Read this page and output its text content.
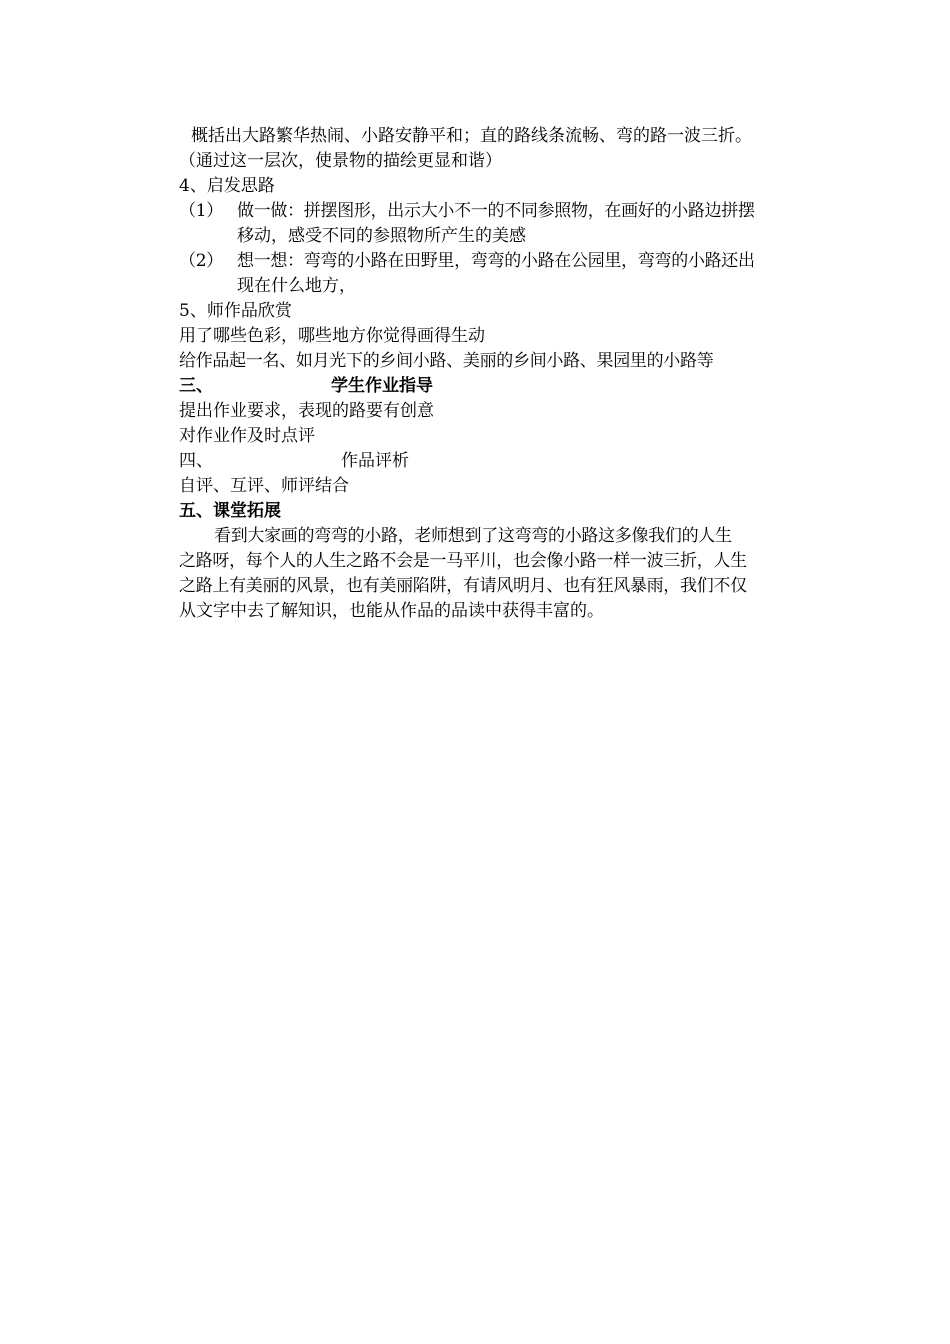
概括出大路繁华热闹、小路安静平和；直的路线条流畅、弯的路一波三折。
（通过这一层次，使景物的描绘更显和谐）
4、启发思路
（1） 做一做：拼摆图形，出示大小不一的不同参照物，在画好的小路边拼摆
移动，感受不同的参照物所产生的美感
（2） 想一想：弯弯的小路在田野里，弯弯的小路在公园里，弯弯的小路还出
现在什么地方，
5、师作品欣赏
用了哪些色彩，哪些地方你觉得画得生动
给作品起一名、如月光下的乡间小路、美丽的乡间小路、果园里的小路等
三、	学生作业指导
提出作业要求，表现的路要有创意
对作业作及时点评
四、	作品评析
自评、互评、师评结合
五、课堂拓展
看到大家画的弯弯的小路，老师想到了这弯弯的小路这多像我们的人生
之路呀，每个人的人生之路不会是一马平川，也会像小路一样一波三折，人生
之路上有美丽的风景，也有美丽陷阱，有请风明月、也有狂风暴雨，我们不仅
从文字中去了解知识，也能从作品的品读中获得丰富的。
